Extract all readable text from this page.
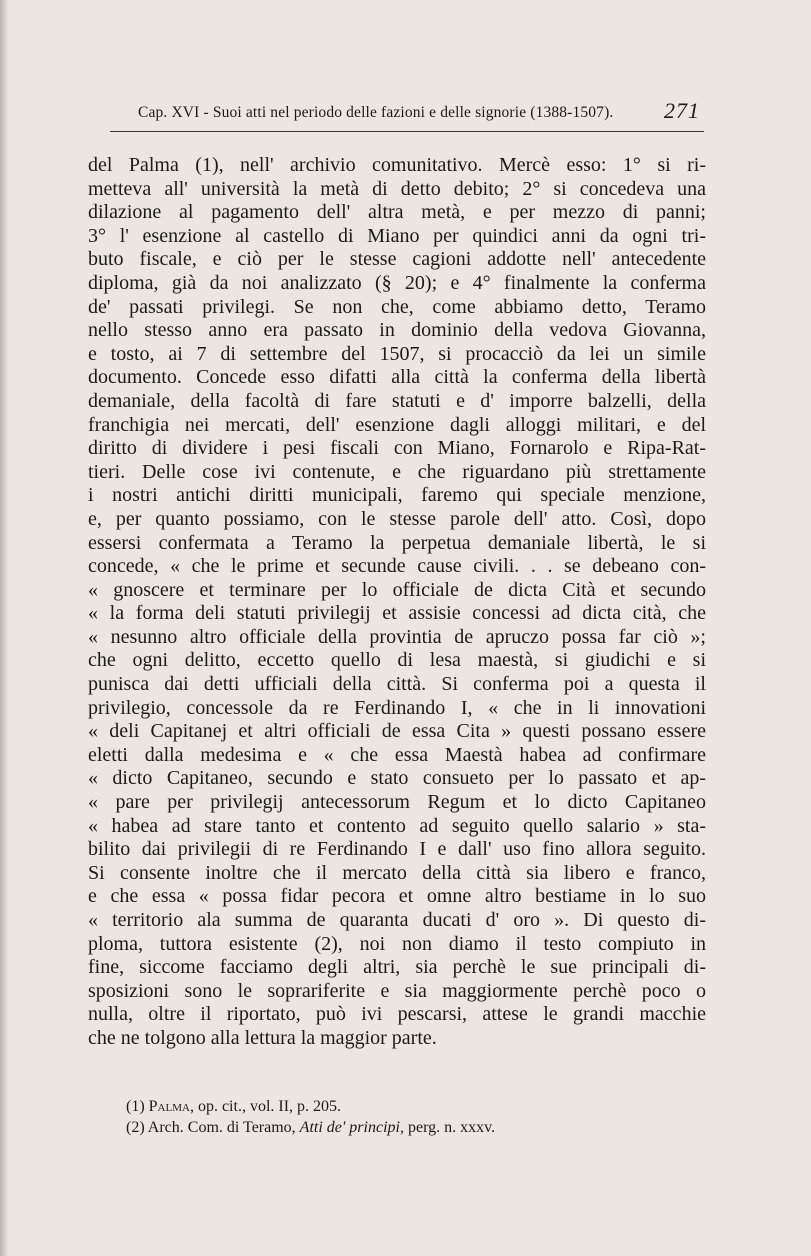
Cap. XVI - Suoi atti nel periodo delle fazioni e delle signorie (1388-1507). 271
del Palma (1), nell' archivio comunitativo. Mercè esso: 1° si ri-
metteva all' università la metà di detto debito; 2° si concedeva una
dilazione al pagamento dell' altra metà, e per mezzo di panni;
3° l' esenzione al castello di Miano per quindici anni da ogni tri-
buto fiscale, e ciò per le stesse cagioni addotte nell' antecedente
diploma, già da noi analizzato (§ 20); e 4° finalmente la conferma
de' passati privilegi. Se non che, come abbiamo detto, Teramo
nello stesso anno era passato in dominio della vedova Giovanna,
e tosto, ai 7 di settembre del 1507, si procacciò da lei un simile
documento. Concede esso difatti alla città la conferma della libertà
demaniale, della facoltà di fare statuti e d' imporre balzelli, della
franchigia nei mercati, dell' esenzione dagli alloggi militari, e del
diritto di dividere i pesi fiscali con Miano, Fornarolo e Ripa-Rat-
tieri. Delle cose ivi contenute, e che riguardano più strettamente
i nostri antichi diritti municipali, faremo qui speciale menzione,
e, per quanto possiamo, con le stesse parole dell' atto. Così, dopo
essersi confermata a Teramo la perpetua demaniale libertà, le si
concede, « che le prime et secunde cause civili. . . se debeano con-
« gnoscere et terminare per lo officiale de dicta Cità et secundo
« la forma deli statuti privilegij et assisie concessi ad dicta cità, che
« nesunno altro officiale della provintia de apruczo possa far ciò »;
che ogni delitto, eccetto quello di lesa maestà, si giudichi e si
punisca dai detti ufficiali della città. Si conferma poi a questa il
privilegio, concessole da re Ferdinando I, « che in li innovationi
« deli Capitanej et altri officiali de essa Cita » questi possano essere
eletti dalla medesima e « che essa Maestà habea ad confirmare
« dicto Capitaneo, secundo e stato consueto per lo passato et ap-
« pare per privilegij antecessorum Regum et lo dicto Capitaneo
« habea ad stare tanto et contento ad seguito quello salario » sta-
bilito dai privilegii di re Ferdinando I e dall' uso fino allora seguito.
Si consente inoltre che il mercato della città sia libero e franco,
e che essa « possa fidar pecora et omne altro bestiame in lo suo
« territorio ala summa de quaranta ducati d' oro ». Di questo di-
ploma, tuttora esistente (2), noi non diamo il testo compiuto in
fine, siccome facciamo degli altri, sia perchè le sue principali di-
sposizioni sono le soprariferite e sia maggiormente perchè poco o
nulla, oltre il riportato, può ivi pescarsi, attese le grandi macchie
che ne tolgono alla lettura la maggior parte.
(1) Palma, op. cit., vol. II, p. 205.
(2) Arch. Com. di Teramo, Atti de' principi, perg. n. xxxv.
